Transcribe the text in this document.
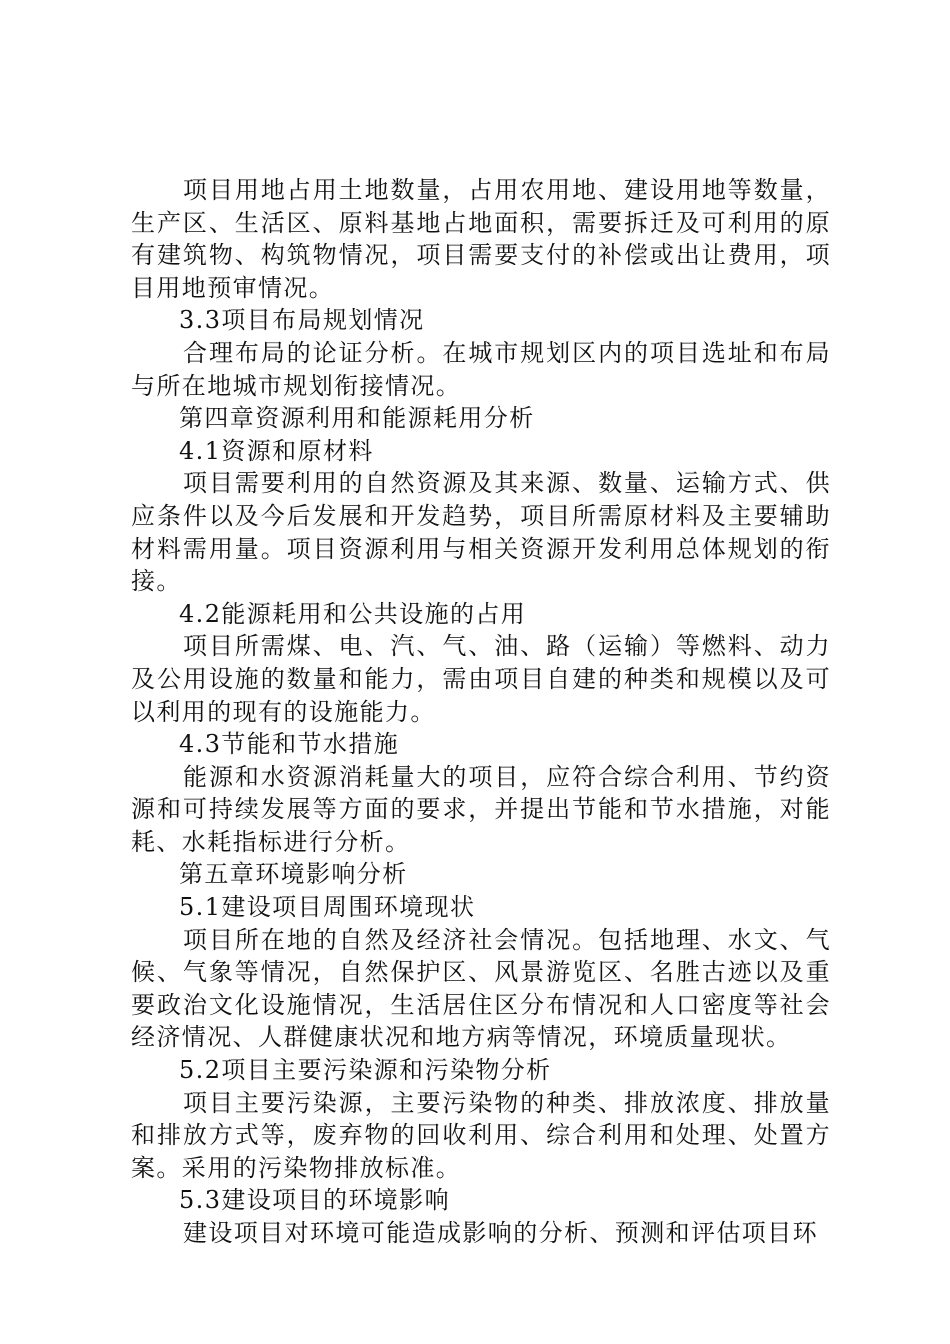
项目用地占用土地数量，占用农用地、建设用地等数量，生产区、生活区、原料基地占地面积，需要拆迁及可利用的原有建筑物、构筑物情况，项目需要支付的补偿或出让费用，项目用地预审情况。

3.3项目布局规划情况

合理布局的论证分析。在城市规划区内的项目选址和布局与所在地城市规划衔接情况。

第四章资源利用和能源耗用分析

4.1资源和原材料

项目需要利用的自然资源及其来源、数量、运输方式、供应条件以及今后发展和开发趋势，项目所需原材料及主要辅助材料需用量。项目资源利用与相关资源开发利用总体规划的衔接。

4.2能源耗用和公共设施的占用

项目所需煤、电、汽、气、油、路（运输）等燃料、动力及公用设施的数量和能力，需由项目自建的种类和规模以及可以利用的现有的设施能力。

4.3节能和节水措施

能源和水资源消耗量大的项目，应符合综合利用、节约资源和可持续发展等方面的要求，并提出节能和节水措施，对能耗、水耗指标进行分析。

第五章环境影响分析

5.1建设项目周围环境现状

项目所在地的自然及经济社会情况。包括地理、水文、气候、气象等情况，自然保护区、风景游览区、名胜古迹以及重要政治文化设施情况，生活居住区分布情况和人口密度等社会经济情况、人群健康状况和地方病等情况，环境质量现状。

5.2项目主要污染源和污染物分析

项目主要污染源，主要污染物的种类、排放浓度、排放量和排放方式等，废弃物的回收利用、综合利用和处理、处置方案。采用的污染物排放标准。

5.3建设项目的环境影响

建设项目对环境可能造成影响的分析、预测和评估项目环
